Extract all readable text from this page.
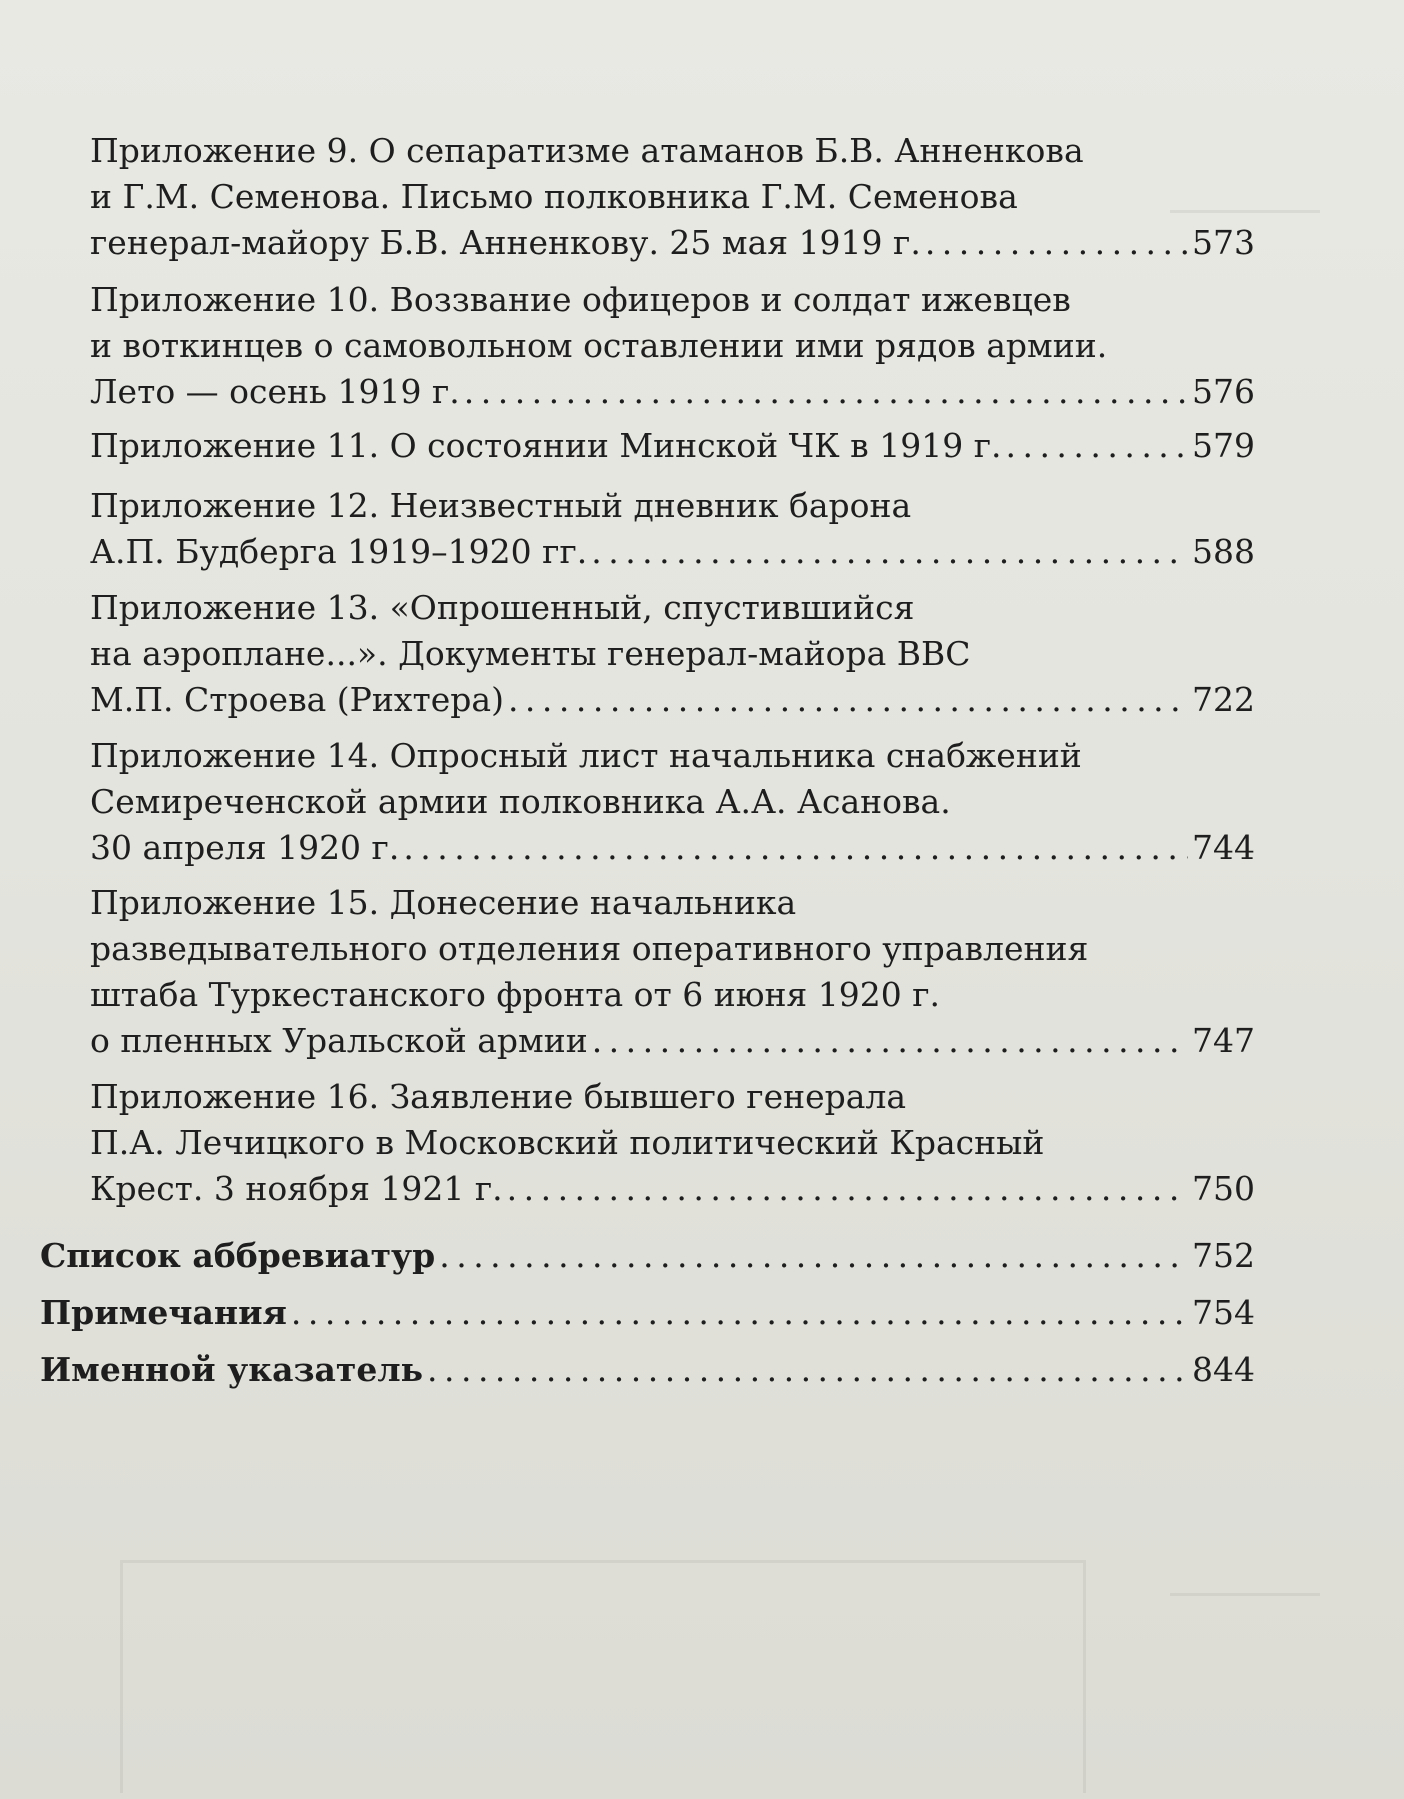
Приложение 9. О сепаратизме атаманов Б.В. Анненкова
и Г.М. Семенова. Письмо полковника Г.М. Семенова
генерал-майору Б.В. Анненкову. 25 мая 1919 г. . . .	573
Приложение 10. Воззвание офицеров и солдат ижевцев
и воткинцев о самовольном оставлении ими рядов армии.
Лето — осень 1919 г. . . .	576
Приложение 11. О состоянии Минской ЧК в 1919 г. . . .	579
Приложение 12. Неизвестный дневник барона
А.П. Будберга 1919–1920 гг. . . .	588
Приложение 13. «Опрошенный, спустившийся
на аэроплане...». Документы генерал-майора ВВС
М.П. Строева (Рихтера) . . .	722
Приложение 14. Опросный лист начальника снабжений
Семиреченской армии полковника А.А. Асанова.
30 апреля 1920 г. . . .	744
Приложение 15. Донесение начальника
разведывательного отделения оперативного управления
штаба Туркестанского фронта от 6 июня 1920 г.
о пленных Уральской армии . . .	747
Приложение 16. Заявление бывшего генерала
П.А. Лечицкого в Московский политический Красный
Крест. 3 ноября 1921 г. . . .	750
Список аббревиатур . . .	752
Примечания . . .	754
Именной указатель . . .	844
